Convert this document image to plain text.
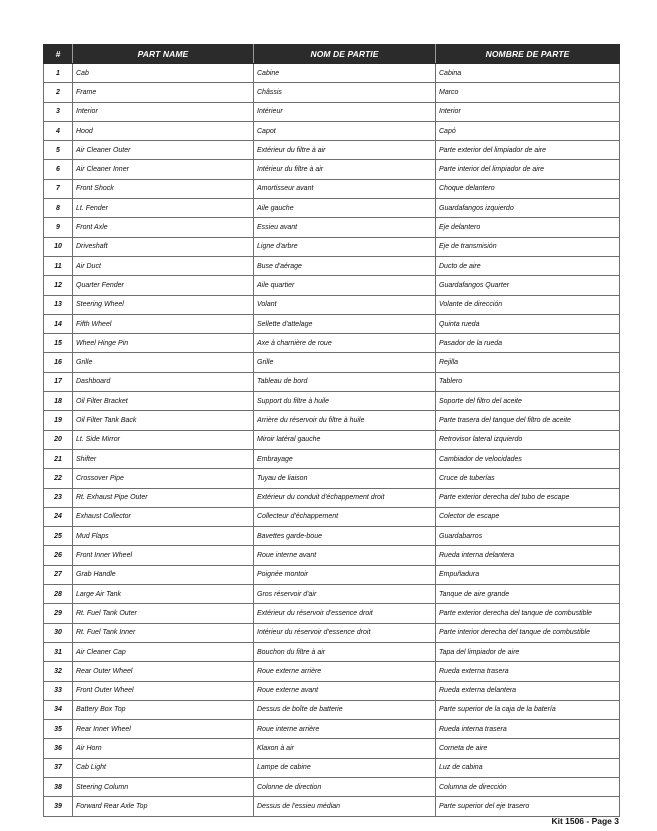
#	PART NAME	NOM DE PARTIE	NOMBRE DE PARTE
1	Cab	Cabine	Cabina
2	Frame	Châssis	Marco
3	Interior	Intérieur	Interior
4	Hood	Capot	Capó
5	Air Cleaner Outer	Extérieur du filtre à air	Parte exterior del limpiador de aire
6	Air Cleaner Inner	Intérieur du filtre à air	Parte interior del limpiador de aire
7	Front Shock	Amortisseur avant	Choque delantero
8	Lt. Fender	Aile gauche	Guardafangos izquierdo
9	Front Axle	Essieu avant	Eje delantero
10	Driveshaft	Ligne d'arbre	Eje de transmisión
11	Air Duct	Buse d'aérage	Ducto de aire
12	Quarter Fender	Aile quartier	Guardafangos Quarter
13	Steering Wheel	Volant	Volante de dirección
14	Fifth Wheel	Sellette d'attelage	Quinta rueda
15	Wheel Hinge Pin	Axe à charnière de roue	Pasador de la rueda
16	Grille	Grille	Rejilla
17	Dashboard	Tableau de bord	Tablero
18	Oil Filter Bracket	Support du filtre à huile	Soporte del filtro del aceite
19	Oil Filter Tank Back	Arrière du réservoir du filtre à huile	Parte trasera del tanque del filtro de aceite
20	Lt. Side Mirror	Miroir latéral gauche	Retrovisor lateral izquierdo
21	Shifter	Embrayage	Cambiador de velocidades
22	Crossover Pipe	Tuyau de liaison	Cruce de tuberías
23	Rt. Exhaust Pipe Outer	Extérieur du conduit d'échappement droit	Parte exterior derecha del tubo de escape
24	Exhaust Collector	Collecteur d'échappement	Colector de escape
25	Mud Flaps	Bavettes garde-boue	Guardabarros
26	Front Inner Wheel	Roue interne avant	Rueda interna delantera
27	Grab Handle	Poignée montoir	Empuñadura
28	Large Air Tank	Gros réservoir d'air	Tanque de aire grande
29	Rt. Fuel Tank Outer	Extérieur du réservoir d'essence droit	Parte exterior derecha del tanque de combustible
30	Rt. Fuel Tank Inner	Intérieur du réservoir d'essence droit	Parte interior derecha del tanque de combustible
31	Air Cleaner Cap	Bouchon du filtre à air	Tapa del limpiador de aire
32	Rear Outer Wheel	Roue externe arrière	Rueda externa trasera
33	Front Outer Wheel	Roue externe avant	Rueda externa delantera
34	Battery Box Top	Dessus de boîte de batterie	Parte superior de la caja de la batería
35	Rear Inner Wheel	Roue interne arrière	Rueda interna trasera
36	Air Horn	Klaxon à air	Corneta de aire
37	Cab Light	Lampe de cabine	Luz de cabina
38	Steering Column	Colonne de direction	Columna de dirección
39	Forward Rear Axle Top	Dessus de l'essieu médian	Parte superior del eje trasero
Kit 1506 - Page 3
